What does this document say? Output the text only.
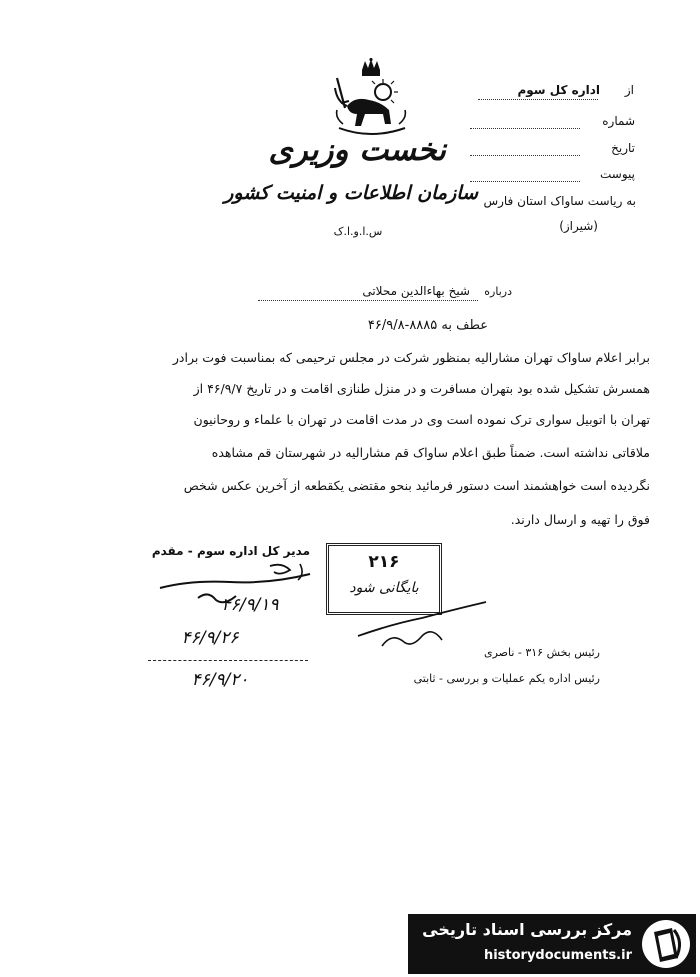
نخست وزیری
سازمان اطلاعات و امنیت کشور
س.ا.و.ا.ک
از
اداره کل سوم
شماره
تاریخ
پیوست
به ریاست ساواک استان فارس
(شیراز)
درباره
شیخ بهاءالدین محلاتی
عطف به ۸۸۸۵-۴۶/۹/۸
برابر اعلام ساواک تهران مشارالیه بمنظور شرکت در مجلس ترحیمی که بمناسبت فوت برادر
همسرش تشکیل شده بود بتهران مسافرت و در منزل طنازی اقامت و در تاریخ ۴۶/۹/۷ از
تهران با اتوبیل سواری ترک نموده است وی در مدت اقامت در تهران با علماء و روحانیون
ملاقاتی نداشته است. ضمناً طبق اعلام ساواک قم مشارالیه در شهرستان قم مشاهده
نگردیده است خواهشمند است دستور فرمائید بنحو مقتضی یکقطعه از آخرین عکس شخص
فوق را تهیه و ارسال دارند.
مدیر کل اداره سوم - مقدم
۴۶/۹/۱۹
۴۶/۹/۲۶
۴۶/۹/۲۰
۲۱۶
بایگانی شود
رئیس بخش ۳۱۶ - ناصری
رئیس اداره یکم عملیات و بررسی - ثابتی
مرکز بررسی اسناد تاریخی
historydocuments.ir
